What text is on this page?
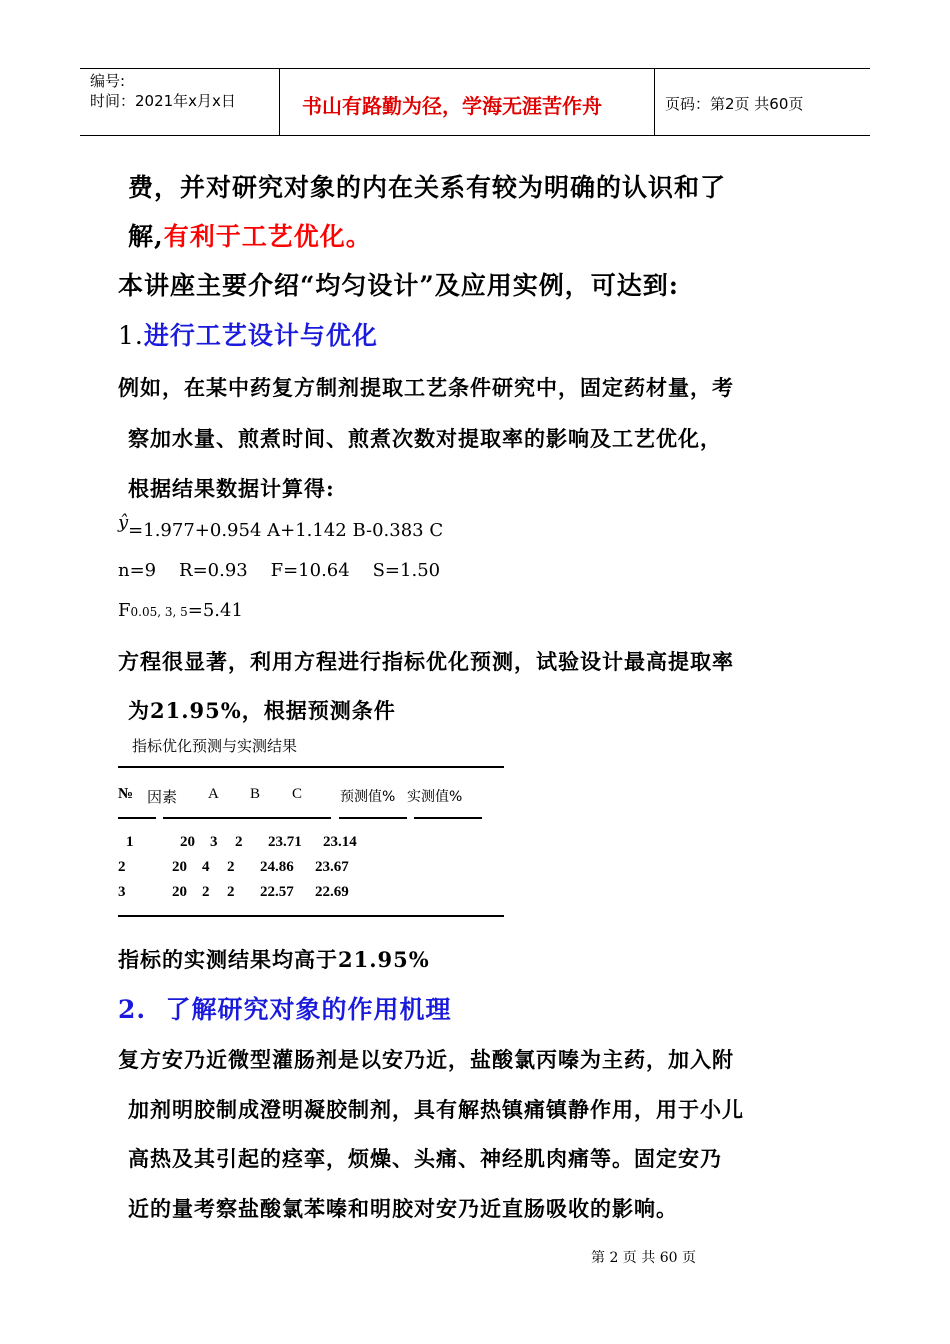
编号:
时间：2021年x月x日	书山有路勤为径，学海无涯苦作舟	页码：第2页 共60页
费，并对研究对象的内在关系有较为明确的认识和了
解,有利于工艺优化。
本讲座主要介绍“均匀设计”及应用实例，可达到:
1.进行工艺设计与优化
例如，在某中药复方制剂提取工艺条件研究中，固定药材量，考
察加水量、煎煮时间、煎煮次数对提取率的影响及工艺优化，
根据结果数据计算得:
ŷ=1.977+0.954 A+1.142 B-0.383 C
n=9    R=0.93    F=10.64    S=1.50
F0.05, 3, 5=5.41
方程很显著，利用方程进行指标优化预测，试验设计最高提取率
为21.95%，根据预测条件
指标优化预测与实测结果
№ 因素 A B C	预测值% 实测值%
1	20 3 2 23.71 23.14
2	20 4 2 24.86 23.67
3	20 2 2 22.57 22.69
指标的实测结果均高于21.95%
2.  了解研究对象的作用机理
复方安乃近微型灌肠剂是以安乃近，盐酸氯丙嗪为主药，加入附
加剂明胶制成澄明凝胶制剂，具有解热镇痛镇静作用，用于小儿
高热及其引起的痉挛，烦燥、头痛、神经肌肉痛等。固定安乃
近的量考察盐酸氯苯嗪和明胶对安乃近直肠吸收的影响。
第 2 页 共 60 页
